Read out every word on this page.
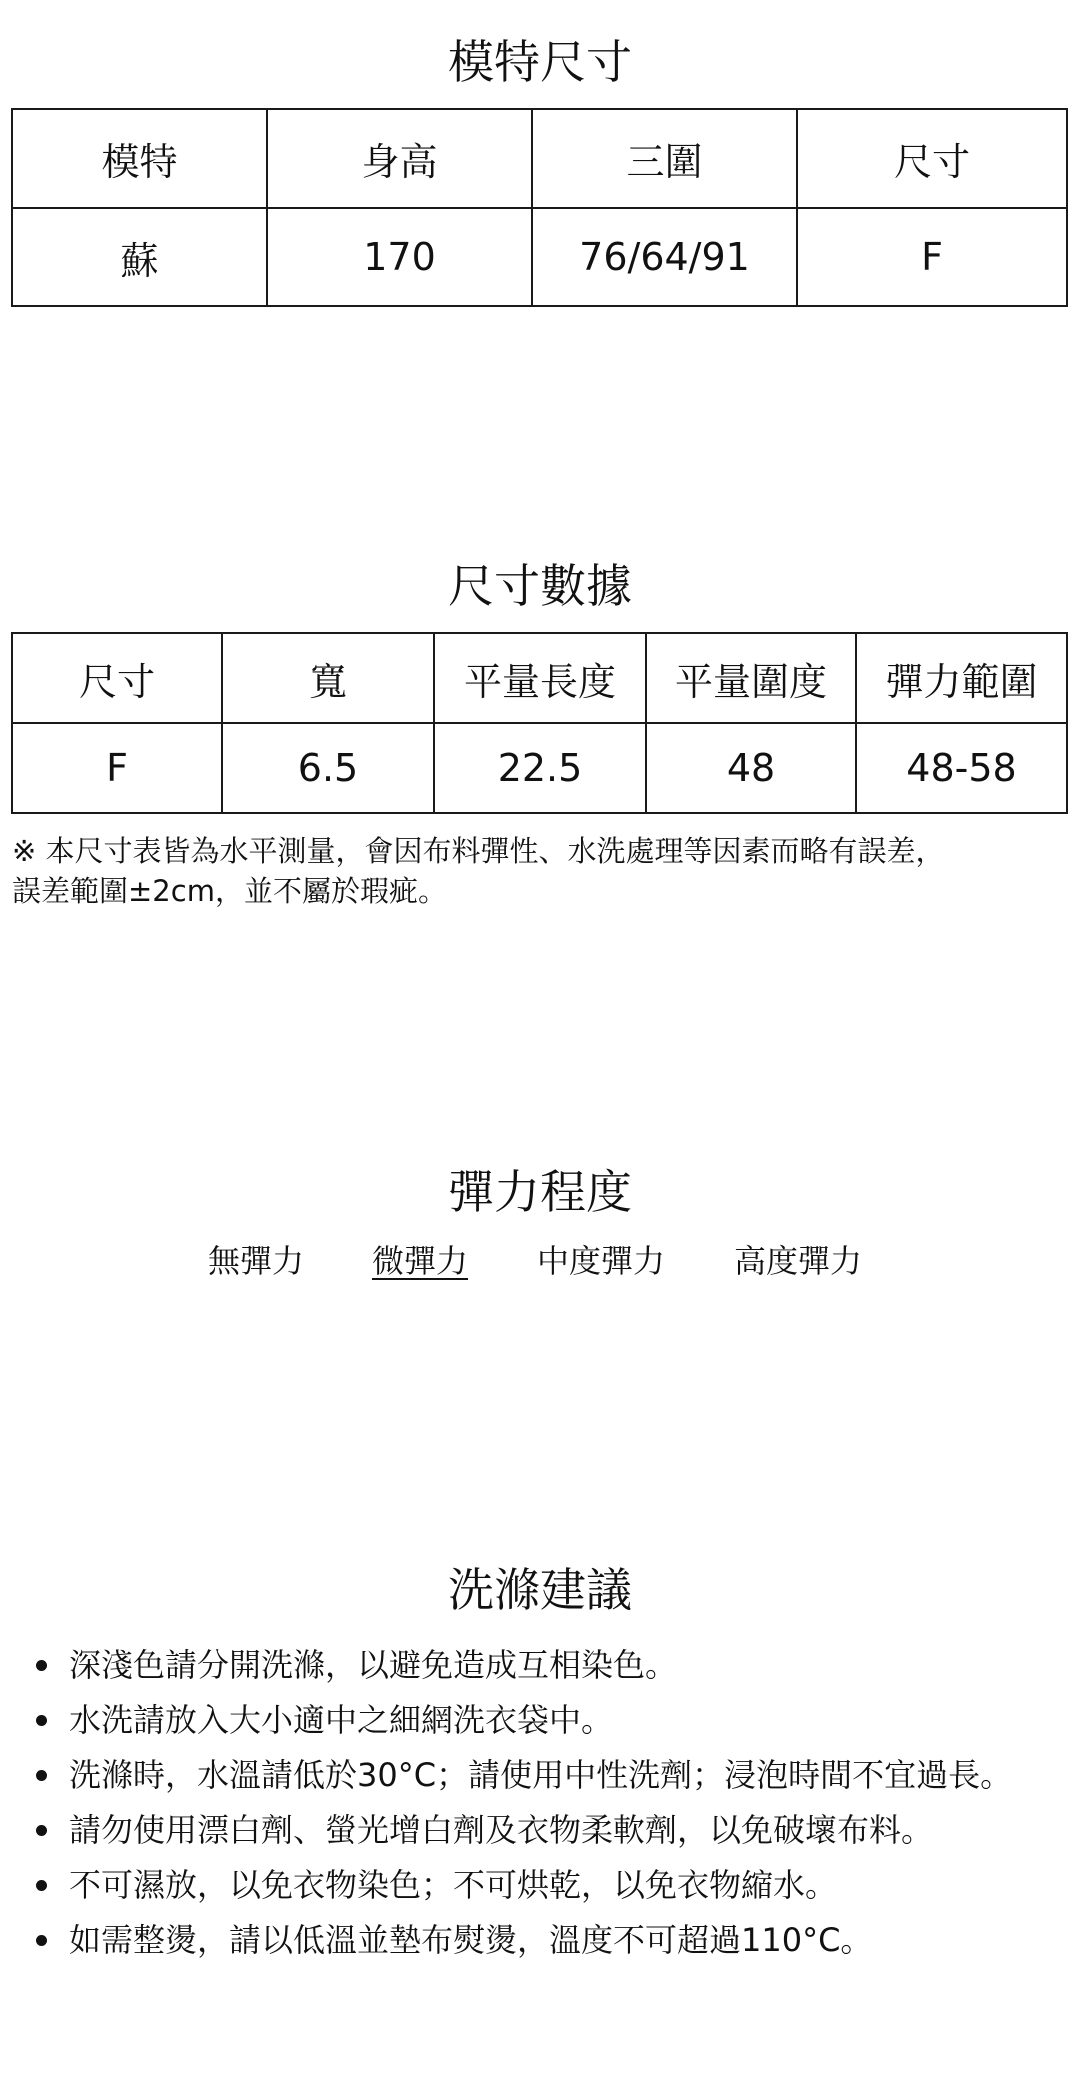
模特尺寸
模特	身高	三圍	尺寸
蘇	170	76/64/91	F
尺寸數據
尺寸	寬	平量長度	平量圍度	彈力範圍
F	6.5	22.5	48	48-58

※ 本尺寸表皆為水平測量，會因布料彈性、水洗處理等因素而略有誤差，

誤差範圍±2cm，並不屬於瑕疵。

彈力程度
無彈力 微彈力 中度彈力 高度彈力
洗滌建議
深淺色請分開洗滌，以避免造成互相染色。
水洗請放入大小適中之細網洗衣袋中。
洗滌時，水溫請低於30°C；請使用中性洗劑；浸泡時間不宜過長。
請勿使用漂白劑、螢光增白劑及衣物柔軟劑，以免破壞布料。
不可濕放，以免衣物染色；不可烘乾，以免衣物縮水。
如需整燙，請以低溫並墊布熨燙，溫度不可超過110°C。
